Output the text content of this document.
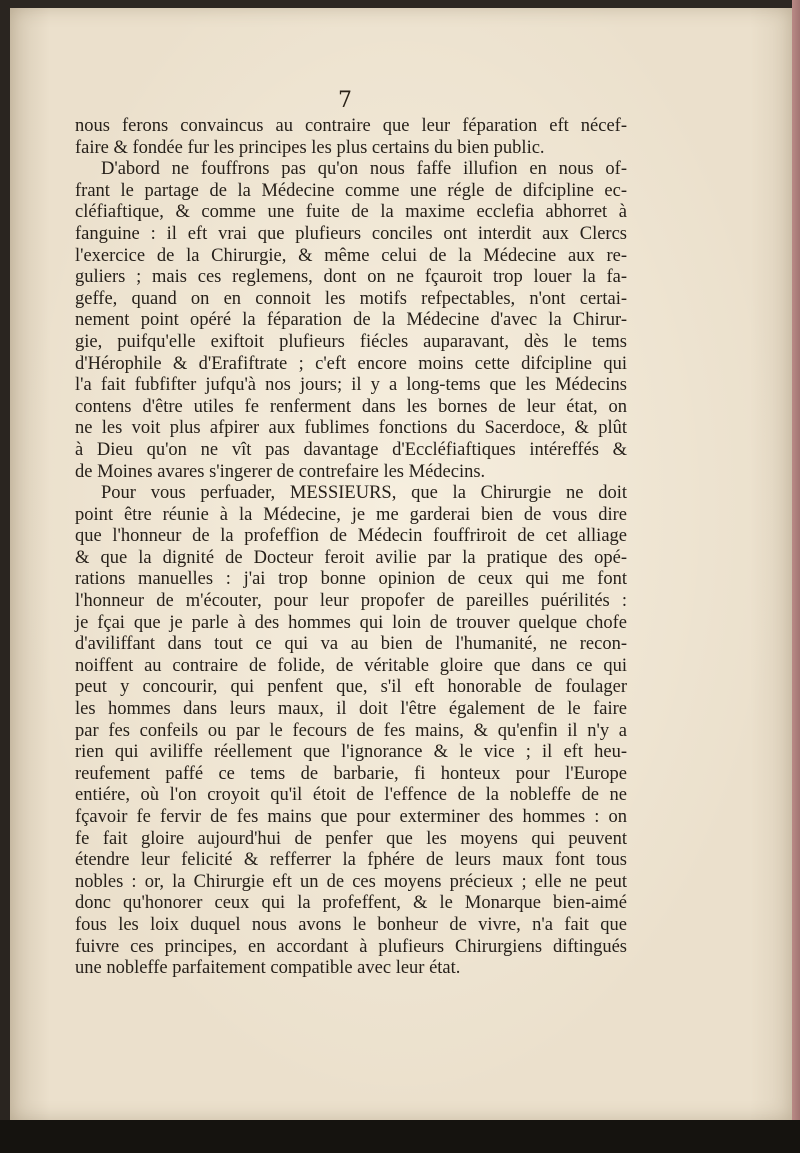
7
nous ferons convaincus au contraire que leur féparation eft nécef-
faire & fondée fur les principes les plus certains du bien public.
D'abord ne fouffrons pas qu'on nous faffe illufion en nous of-
frant le partage de la Médecine comme une régle de difcipline ec-
cléfiaftique, & comme une fuite de la maxime ecclefia abhorret à
fanguine : il eft vrai que plufieurs conciles ont interdit aux Clercs
l'exercice de la Chirurgie, & même celui de la Médecine aux re-
guliers ; mais ces reglemens, dont on ne fçauroit trop louer la fa-
geffe, quand on en connoit les motifs refpectables, n'ont certai-
nement point opéré la féparation de la Médecine d'avec la Chirur-
gie, puifqu'elle exiftoit plufieurs fiécles auparavant, dès le tems
d'Hérophile & d'Erafiftrate ; c'eft encore moins cette difcipline qui
l'a fait fubfifter jufqu'à nos jours; il y a long-tems que les Médecins
contens d'être utiles fe renferment dans les bornes de leur état, on
ne les voit plus afpirer aux fublimes fonctions du Sacerdoce, & plût
à Dieu qu'on ne vît pas davantage d'Eccléfiaftiques intéreffés &
de Moines avares s'ingerer de contrefaire les Médecins.
Pour vous perfuader, MESSIEURS, que la Chirurgie ne doit
point être réunie à la Médecine, je me garderai bien de vous dire
que l'honneur de la profeffion de Médecin fouffriroit de cet alliage
& que la dignité de Docteur feroit avilie par la pratique des opé-
rations manuelles : j'ai trop bonne opinion de ceux qui me font
l'honneur de m'écouter, pour leur propofer de pareilles puérilités :
je fçai que je parle à des hommes qui loin de trouver quelque chofe
d'aviliffant dans tout ce qui va au bien de l'humanité, ne recon-
noiffent au contraire de folide, de véritable gloire que dans ce qui
peut y concourir, qui penfent que, s'il eft honorable de foulager
les hommes dans leurs maux, il doit l'être également de le faire
par fes confeils ou par le fecours de fes mains, & qu'enfin il n'y a
rien qui aviliffe réellement que l'ignorance & le vice ; il eft heu-
reufement paffé ce tems de barbarie, fi honteux pour l'Europe
entiére, où l'on croyoit qu'il étoit de l'effence de la nobleffe de ne
fçavoir fe fervir de fes mains que pour exterminer des hommes : on
fe fait gloire aujourd'hui de penfer que les moyens qui peuvent
étendre leur felicité & refferrer la fphére de leurs maux font tous
nobles : or, la Chirurgie eft un de ces moyens précieux ; elle ne peut
donc qu'honorer ceux qui la profeffent, & le Monarque bien-aimé
fous les loix duquel nous avons le bonheur de vivre, n'a fait que
fuivre ces principes, en accordant à plufieurs Chirurgiens diftingués
une nobleffe parfaitement compatible avec leur état.
